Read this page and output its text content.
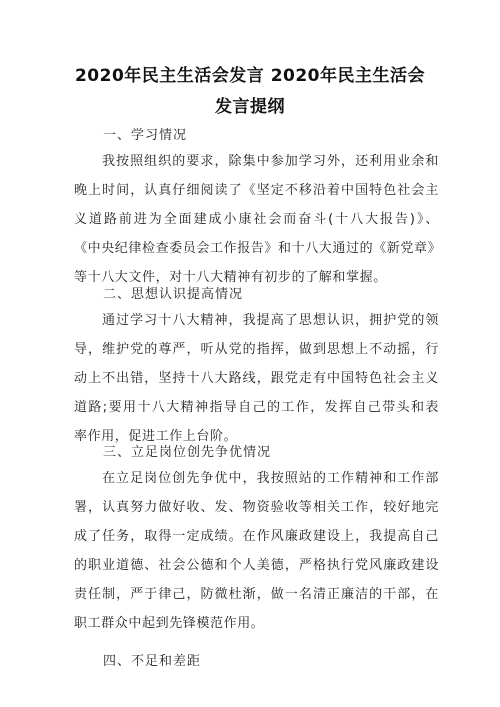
2020年民主生活会发言 2020年民主生活会
发言提纲
一、学习情况
我按照组织的要求，除集中参加学习外，还利用业余和
晚上时间，认真仔细阅读了《坚定不移沿着中国特色社会主
义道路前进为全面建成小康社会而奋斗(十八大报告)》、
《中央纪律检查委员会工作报告》和十八大通过的《新党章》
等十八大文件，对十八大精神有初步的了解和掌握。
二、思想认识提高情况
通过学习十八大精神，我提高了思想认识，拥护党的领
导，维护党的尊严，听从党的指挥，做到思想上不动摇，行
动上不出错，坚持十八大路线，跟党走有中国特色社会主义
道路;要用十八大精神指导自己的工作，发挥自己带头和表
率作用，促进工作上台阶。
三、立足岗位创先争优情况
在立足岗位创先争优中，我按照站的工作精神和工作部
署，认真努力做好收、发、物资验收等相关工作，较好地完
成了任务，取得一定成绩。在作风廉政建设上，我提高自己
的职业道德、社会公德和个人美德，严格执行党风廉政建设
责任制，严于律己，防微杜渐，做一名清正廉洁的干部，在
职工群众中起到先锋模范作用。
四、不足和差距
